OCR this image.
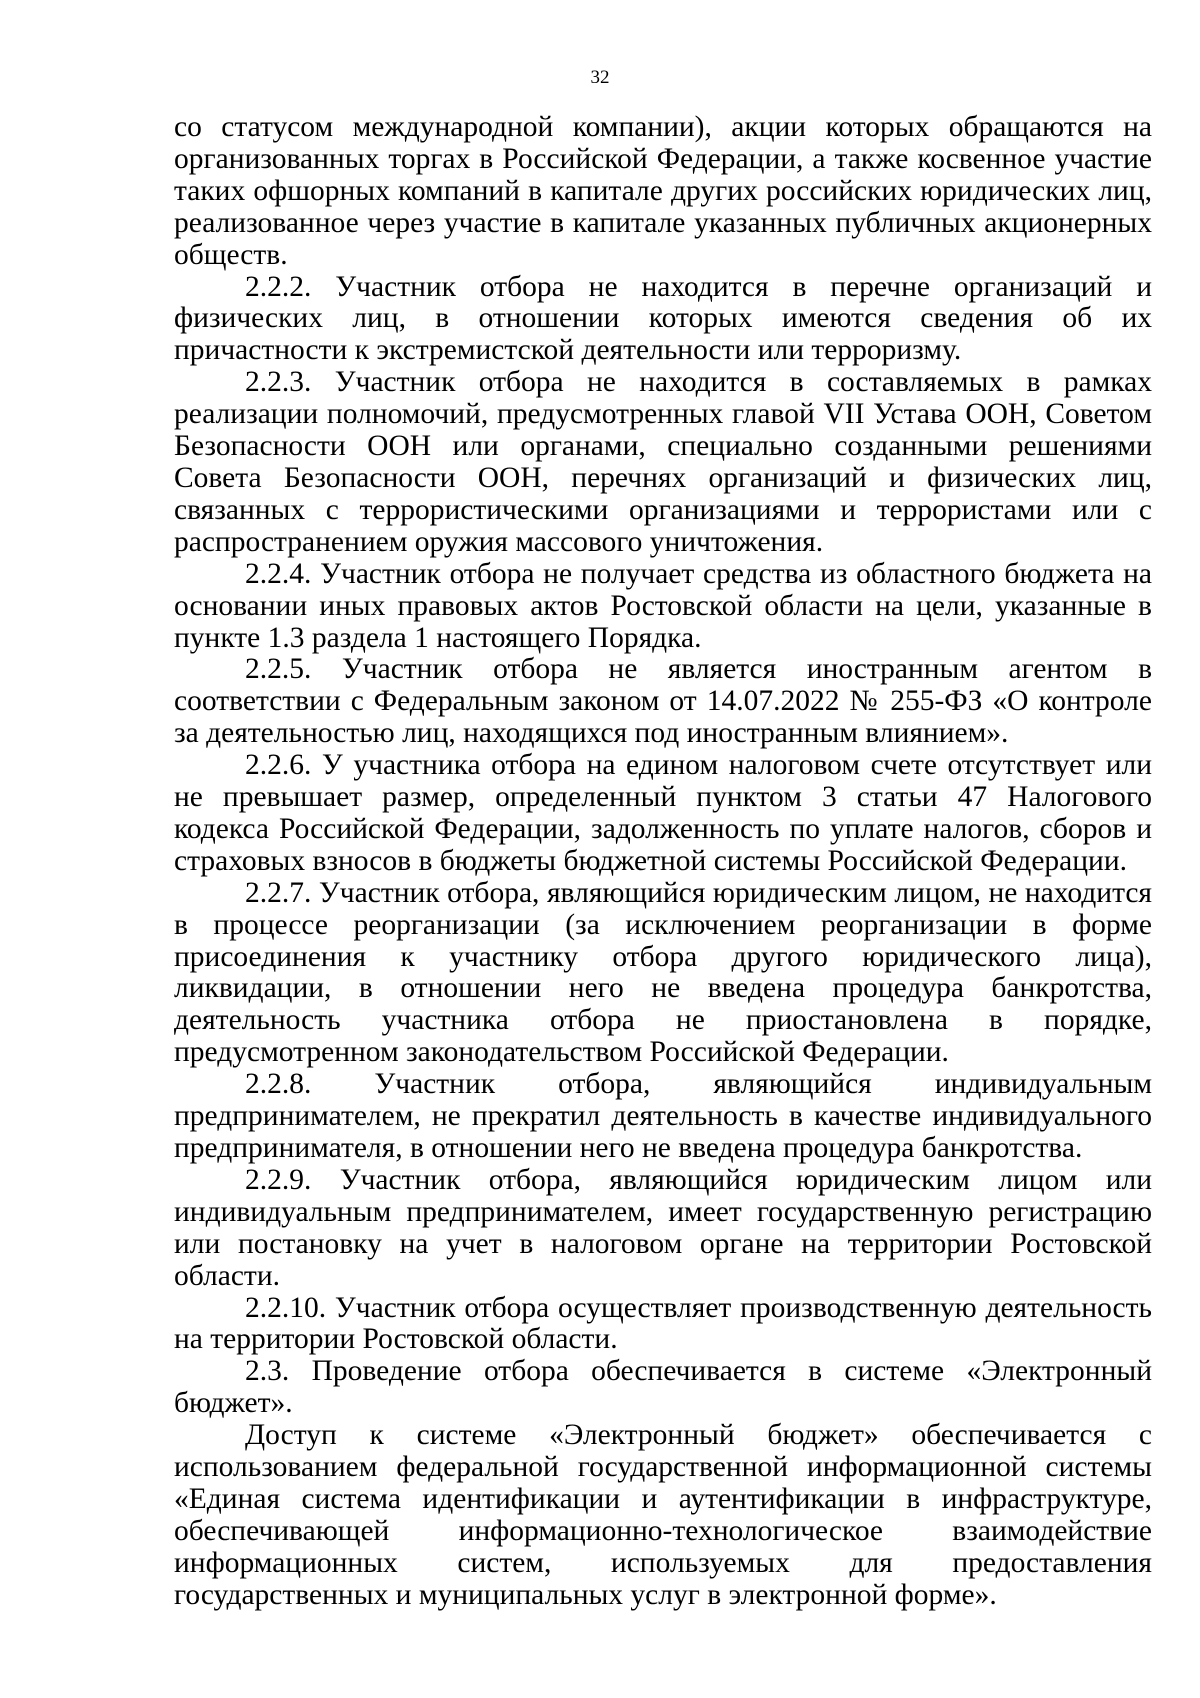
32

со статусом международной компании), акции которых обращаются на организованных торгах в Российской Федерации, а также косвенное участие таких офшорных компаний в капитале других российских юридических лиц, реализованное через участие в капитале указанных публичных акционерных обществ.

2.2.2. Участник отбора не находится в перечне организаций и физических лиц, в отношении которых имеются сведения об их причастности к экстремистской деятельности или терроризму.

2.2.3. Участник отбора не находится в составляемых в рамках реализации полномочий, предусмотренных главой VII Устава ООН, Советом Безопасности ООН или органами, специально созданными решениями Совета Безопасности ООН, перечнях организаций и физических лиц, связанных с террористическими организациями и террористами или с распространением оружия массового уничтожения.

2.2.4. Участник отбора не получает средства из областного бюджета на основании иных правовых актов Ростовской области на цели, указанные в пункте 1.3 раздела 1 настоящего Порядка.

2.2.5. Участник отбора не является иностранным агентом в соответствии с Федеральным законом от 14.07.2022 № 255-ФЗ «О контроле за деятельностью лиц, находящихся под иностранным влиянием».

2.2.6. У участника отбора на едином налоговом счете отсутствует или не превышает размер, определенный пунктом 3 статьи 47 Налогового кодекса Российской Федерации, задолженность по уплате налогов, сборов и страховых взносов в бюджеты бюджетной системы Российской Федерации.

2.2.7. Участник отбора, являющийся юридическим лицом, не находится в процессе реорганизации (за исключением реорганизации в форме присоединения к участнику отбора другого юридического лица), ликвидации, в отношении него не введена процедура банкротства, деятельность участника отбора не приостановлена в порядке, предусмотренном законодательством Российской Федерации.

2.2.8. Участник отбора, являющийся индивидуальным предпринимателем, не прекратил деятельность в качестве индивидуального предпринимателя, в отношении него не введена процедура банкротства.

2.2.9. Участник отбора, являющийся юридическим лицом или индивидуальным предпринимателем, имеет государственную регистрацию или постановку на учет в налоговом органе на территории Ростовской области.

2.2.10. Участник отбора осуществляет производственную деятельность на территории Ростовской области.

2.3. Проведение отбора обеспечивается в системе «Электронный бюджет».

Доступ к системе «Электронный бюджет» обеспечивается с использованием федеральной государственной информационной системы «Единая система идентификации и аутентификации в инфраструктуре, обеспечивающей информационно-технологическое взаимодействие информационных систем, используемых для предоставления государственных и муниципальных услуг в электронной форме».
